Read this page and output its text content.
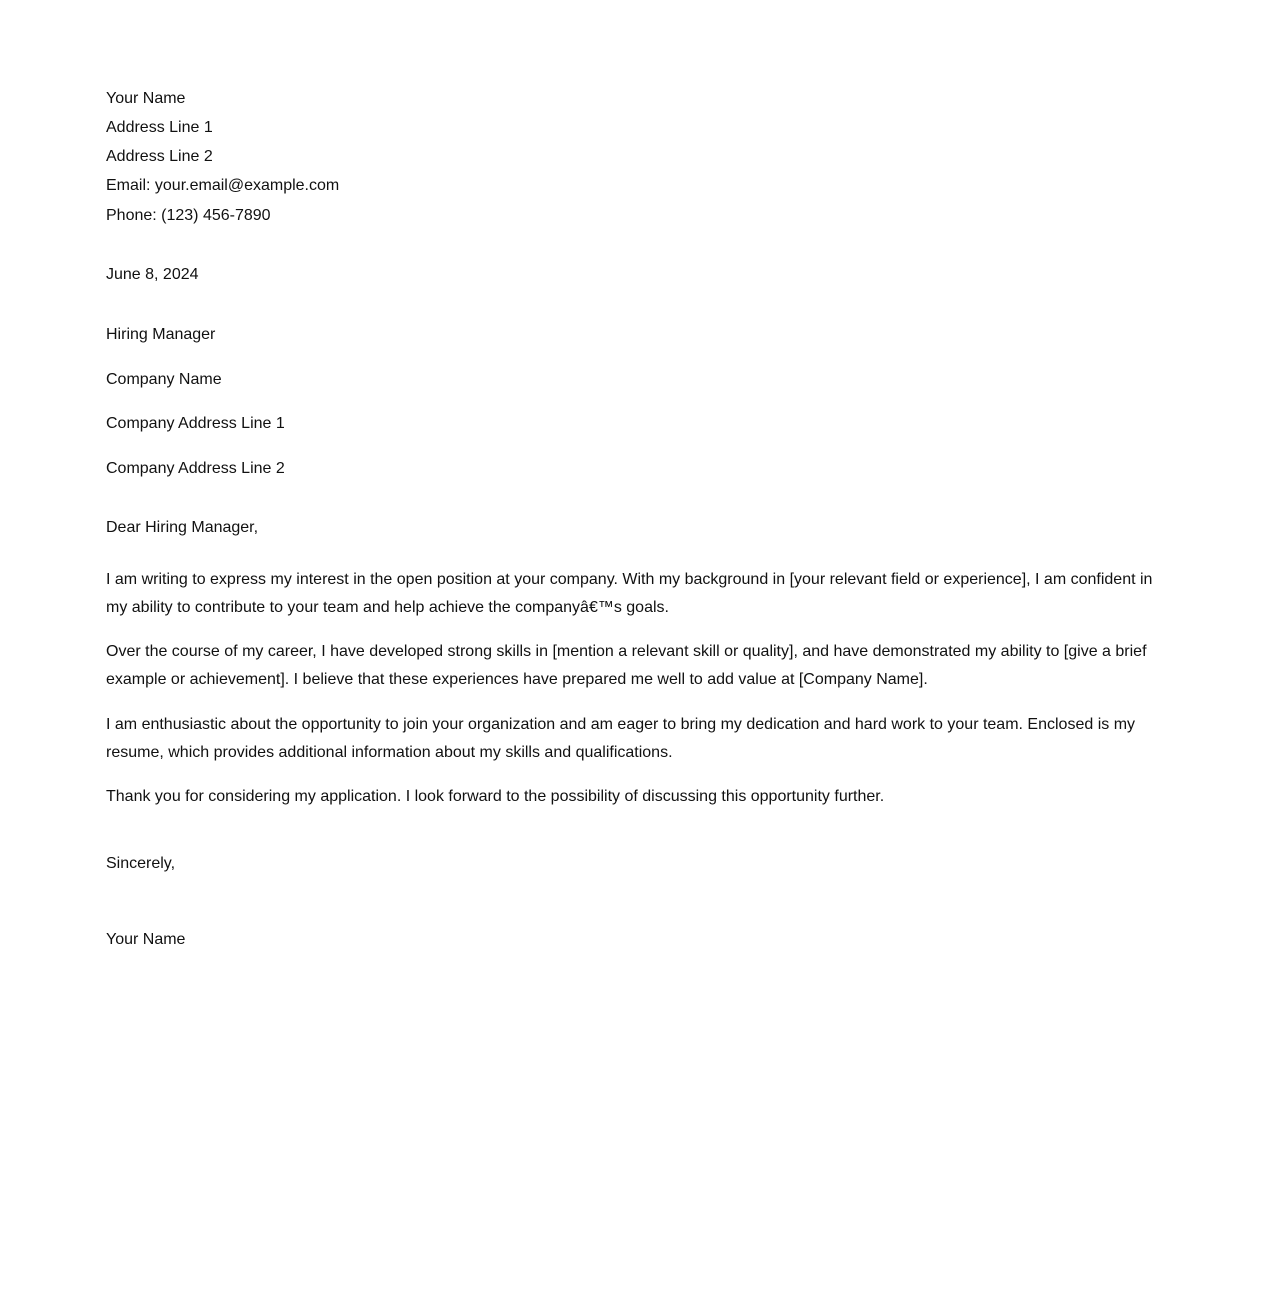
Your Name
Address Line 1
Address Line 2
Email: your.email@example.com
Phone: (123) 456-7890
June 8, 2024
Hiring Manager
Company Name
Company Address Line 1
Company Address Line 2
Dear Hiring Manager,

I am writing to express my interest in the open position at your company. With my background in [your relevant field or experience], I am confident in my ability to contribute to your team and help achieve the companyâ€™s goals.

Over the course of my career, I have developed strong skills in [mention a relevant skill or quality], and have demonstrated my ability to [give a brief example or achievement]. I believe that these experiences have prepared me well to add value at [Company Name].

I am enthusiastic about the opportunity to join your organization and am eager to bring my dedication and hard work to your team. Enclosed is my resume, which provides additional information about my skills and qualifications.

Thank you for considering my application. I look forward to the possibility of discussing this opportunity further.

Sincerely,
Your Name
